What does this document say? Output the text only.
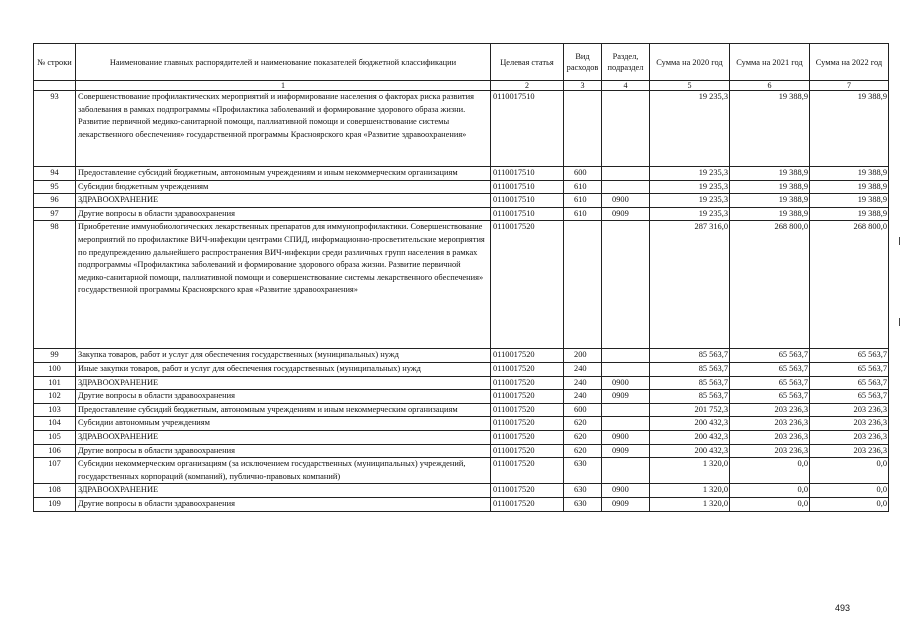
№ строки	Наименование главных распорядителей и наименование показателей бюджетной классификации	Целевая статья	Вид расходов	Раздел, подраздел	Сумма на 2020 год	Сумма на 2021 год	Сумма на 2022 год
	1	2	3	4	5	6	7
93	Совершенствование профилактических мероприятий и информирование населения о факторах риска развития заболевания в рамках подпрограммы «Профилактика заболеваний и формирование здорового образа жизни. Развитие первичной медико-санитарной помощи, паллиативной помощи и совершенствование системы лекарственного обеспечения» государственной программы Красноярского края «Развитие здравоохранения»	0110017510			19 235,3	19 388,9	19 388,9
94	Предоставление субсидий бюджетным, автономным учреждениям и иным некоммерческим организациям	0110017510	600		19 235,3	19 388,9	19 388,9
95	Субсидии бюджетным учреждениям	0110017510	610		19 235,3	19 388,9	19 388,9
96	ЗДРАВООХРАНЕНИЕ	0110017510	610	0900	19 235,3	19 388,9	19 388,9
97	Другие вопросы в области здравоохранения	0110017510	610	0909	19 235,3	19 388,9	19 388,9
98	Приобретение иммунобиологических лекарственных препаратов для иммунопрофилактики. Совершенствование мероприятий по профилактике ВИЧ-инфекции центрами СПИД, информационно-просветительские мероприятия по предупреждению дальнейшего распространения ВИЧ-инфекции среди различных групп населения в рамках подпрограммы «Профилактика заболеваний и формирование здорового образа жизни. Развитие первичной медико-санитарной помощи, паллиативной помощи и совершенствование системы лекарственного обеспечения» государственной программы Красноярского края «Развитие здравоохранения»	0110017520			287 316,0	268 800,0	268 800,0
99	Закупка товаров, работ и услуг для обеспечения государственных (муниципальных) нужд	0110017520	200		85 563,7	65 563,7	65 563,7
100	Иные закупки товаров, работ и услуг для обеспечения государственных (муниципальных) нужд	0110017520	240		85 563,7	65 563,7	65 563,7
101	ЗДРАВООХРАНЕНИЕ	0110017520	240	0900	85 563,7	65 563,7	65 563,7
102	Другие вопросы в области здравоохранения	0110017520	240	0909	85 563,7	65 563,7	65 563,7
103	Предоставление субсидий бюджетным, автономным учреждениям и иным некоммерческим организациям	0110017520	600		201 752,3	203 236,3	203 236,3
104	Субсидии автономным учреждениям	0110017520	620		200 432,3	203 236,3	203 236,3
105	ЗДРАВООХРАНЕНИЕ	0110017520	620	0900	200 432,3	203 236,3	203 236,3
106	Другие вопросы в области здравоохранения	0110017520	620	0909	200 432,3	203 236,3	203 236,3
107	Субсидии некоммерческим организациям (за исключением государственных (муниципальных) учреждений, государственных корпораций (компаний), публично-правовых компаний)	0110017520	630		1 320,0	0,0	0,0
108	ЗДРАВООХРАНЕНИЕ	0110017520	630	0900	1 320,0	0,0	0,0
109	Другие вопросы в области здравоохранения	0110017520	630	0909	1 320,0	0,0	0,0
493
